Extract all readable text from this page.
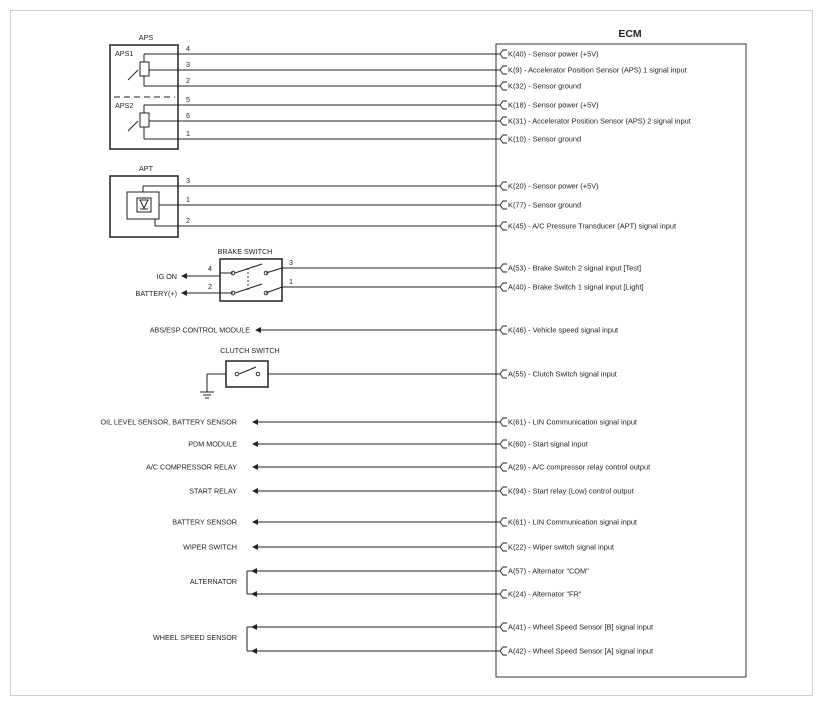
ECM
APS
APS1
APS2
4
3
2
5
6
1
APT
3
1
2
BRAKE SWITCH
4
2
IG ON
BATTERY(+)
3
1
CLUTCH SWITCH
K(40) - Sensor power (+5V)
K(9) - Accelerator Position Sensor (APS) 1 signal input
K(32) - Sensor ground
K(18) - Sensor power (+5V)
K(31) - Accelerator Position Sensor (APS) 2 signal input
K(10) - Sensor ground
K(20) - Sensor power (+5V)
K(77) - Sensor ground
K(45) - A/C Pressure Transducer (APT) signal input
A(53) - Brake Switch 2 signal input [Test]
A(40) - Brake Switch 1 signal input [Light]
K(46) - Vehicle speed signal input
A(55) - Clutch Switch signal input
K(61) - LIN Communication signal input
K(60) - Start signal input
A(29) - A/C compressor relay control output
K(94) - Start relay (Low) control output
K(61) - LIN Communication signal input
K(22) - Wiper switch signal input
A(57) - Alternator "COM"
K(24) - Alternator "FR"
A(41) - Wheel Speed Sensor [B] signal input
A(42) - Wheel Speed Sensor [A] signal input
ABS/ESP CONTROL MODULE
OIL LEVEL SENSOR, BATTERY SENSOR
PDM MODULE
A/C COMPRESSOR RELAY
START RELAY
BATTERY SENSOR
WIPER SWITCH
ALTERNATOR
WHEEL SPEED SENSOR
